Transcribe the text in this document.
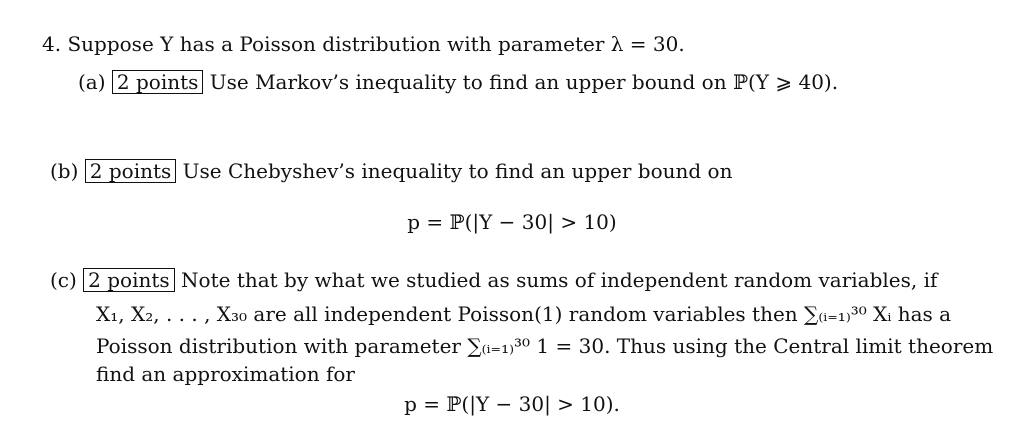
4. Suppose Y has a Poisson distribution with parameter λ = 30.
(a) 2 points Use Markov’s inequality to find an upper bound on ℙ(Y ⩾ 40).
(b) 2 points Use Chebyshev’s inequality to find an upper bound on
p = ℙ(|Y − 30| > 10)
(c) 2 points Note that by what we studied as sums of independent random variables, if
X₁, X₂, . . . , X₃₀ are all independent Poisson(1) random variables then ∑₍ᵢ₌₁₎³⁰ Xᵢ has a
Poisson distribution with parameter ∑₍ᵢ₌₁₎³⁰ 1 = 30. Thus using the Central limit theorem
find an approximation for
p = ℙ(|Y − 30| > 10).
